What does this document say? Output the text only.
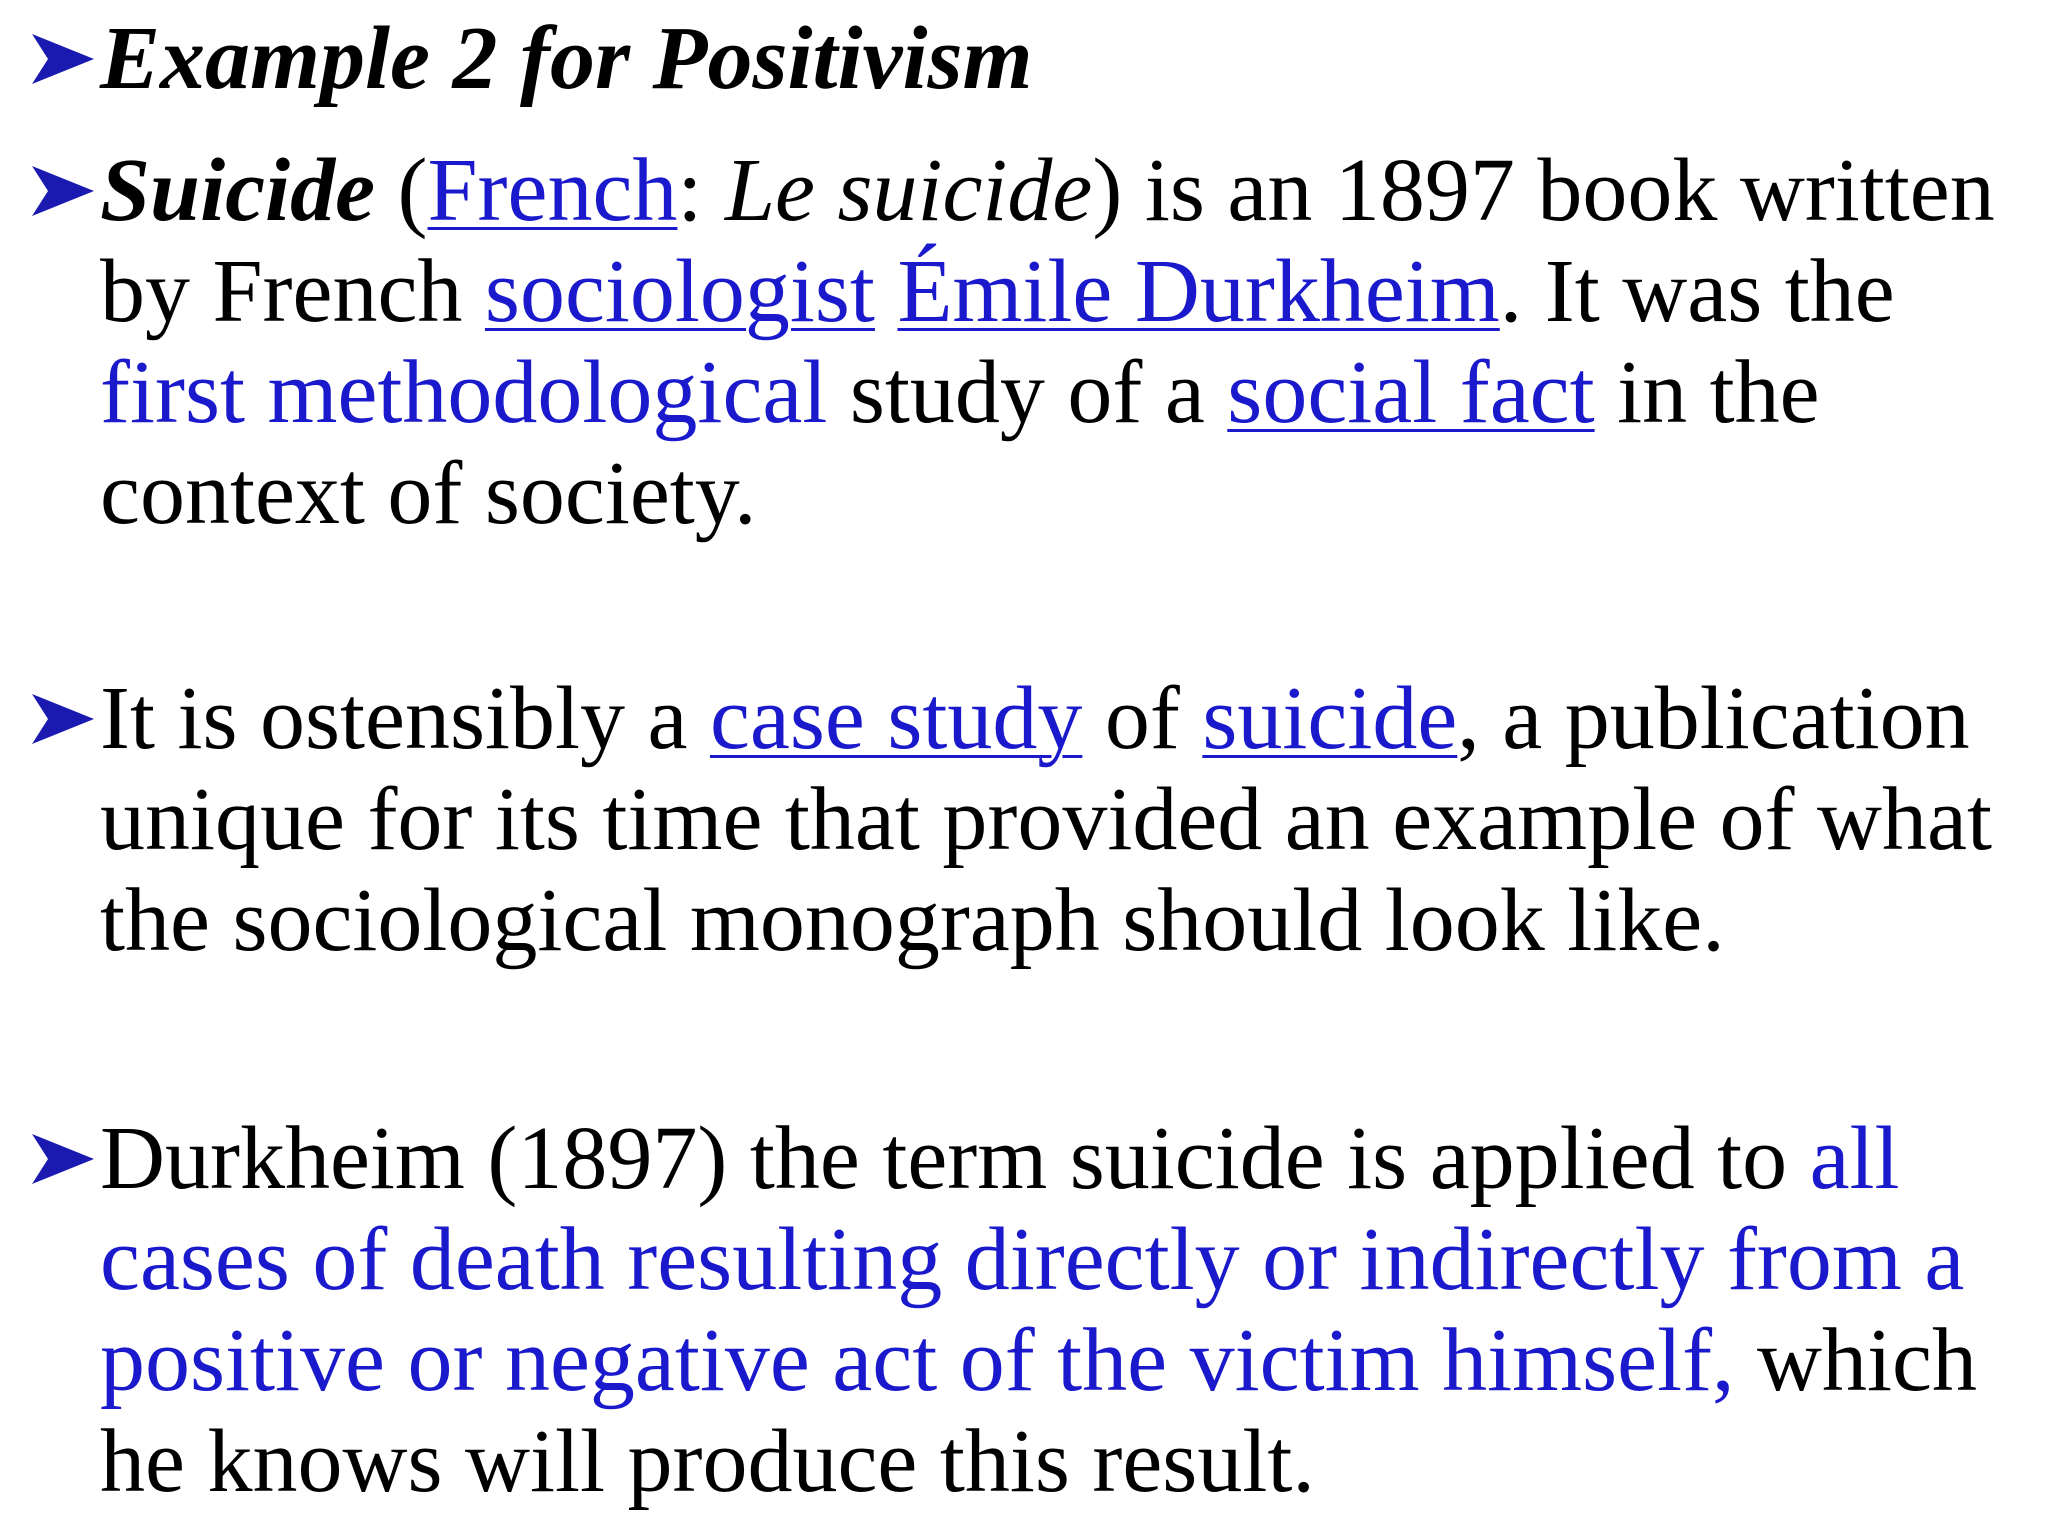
Example 2 for Positivism
Suicide (French: Le suicide) is an 1897 book written by French sociologist Émile Durkheim. It was the first methodological study of a social fact in the context of society.
It is ostensibly a case study of suicide, a publication unique for its time that provided an example of what the sociological monograph should look like.
Durkheim (1897) the term suicide is applied to all cases of death resulting directly or indirectly from a positive or negative act of the victim himself, which he knows will produce this result.
